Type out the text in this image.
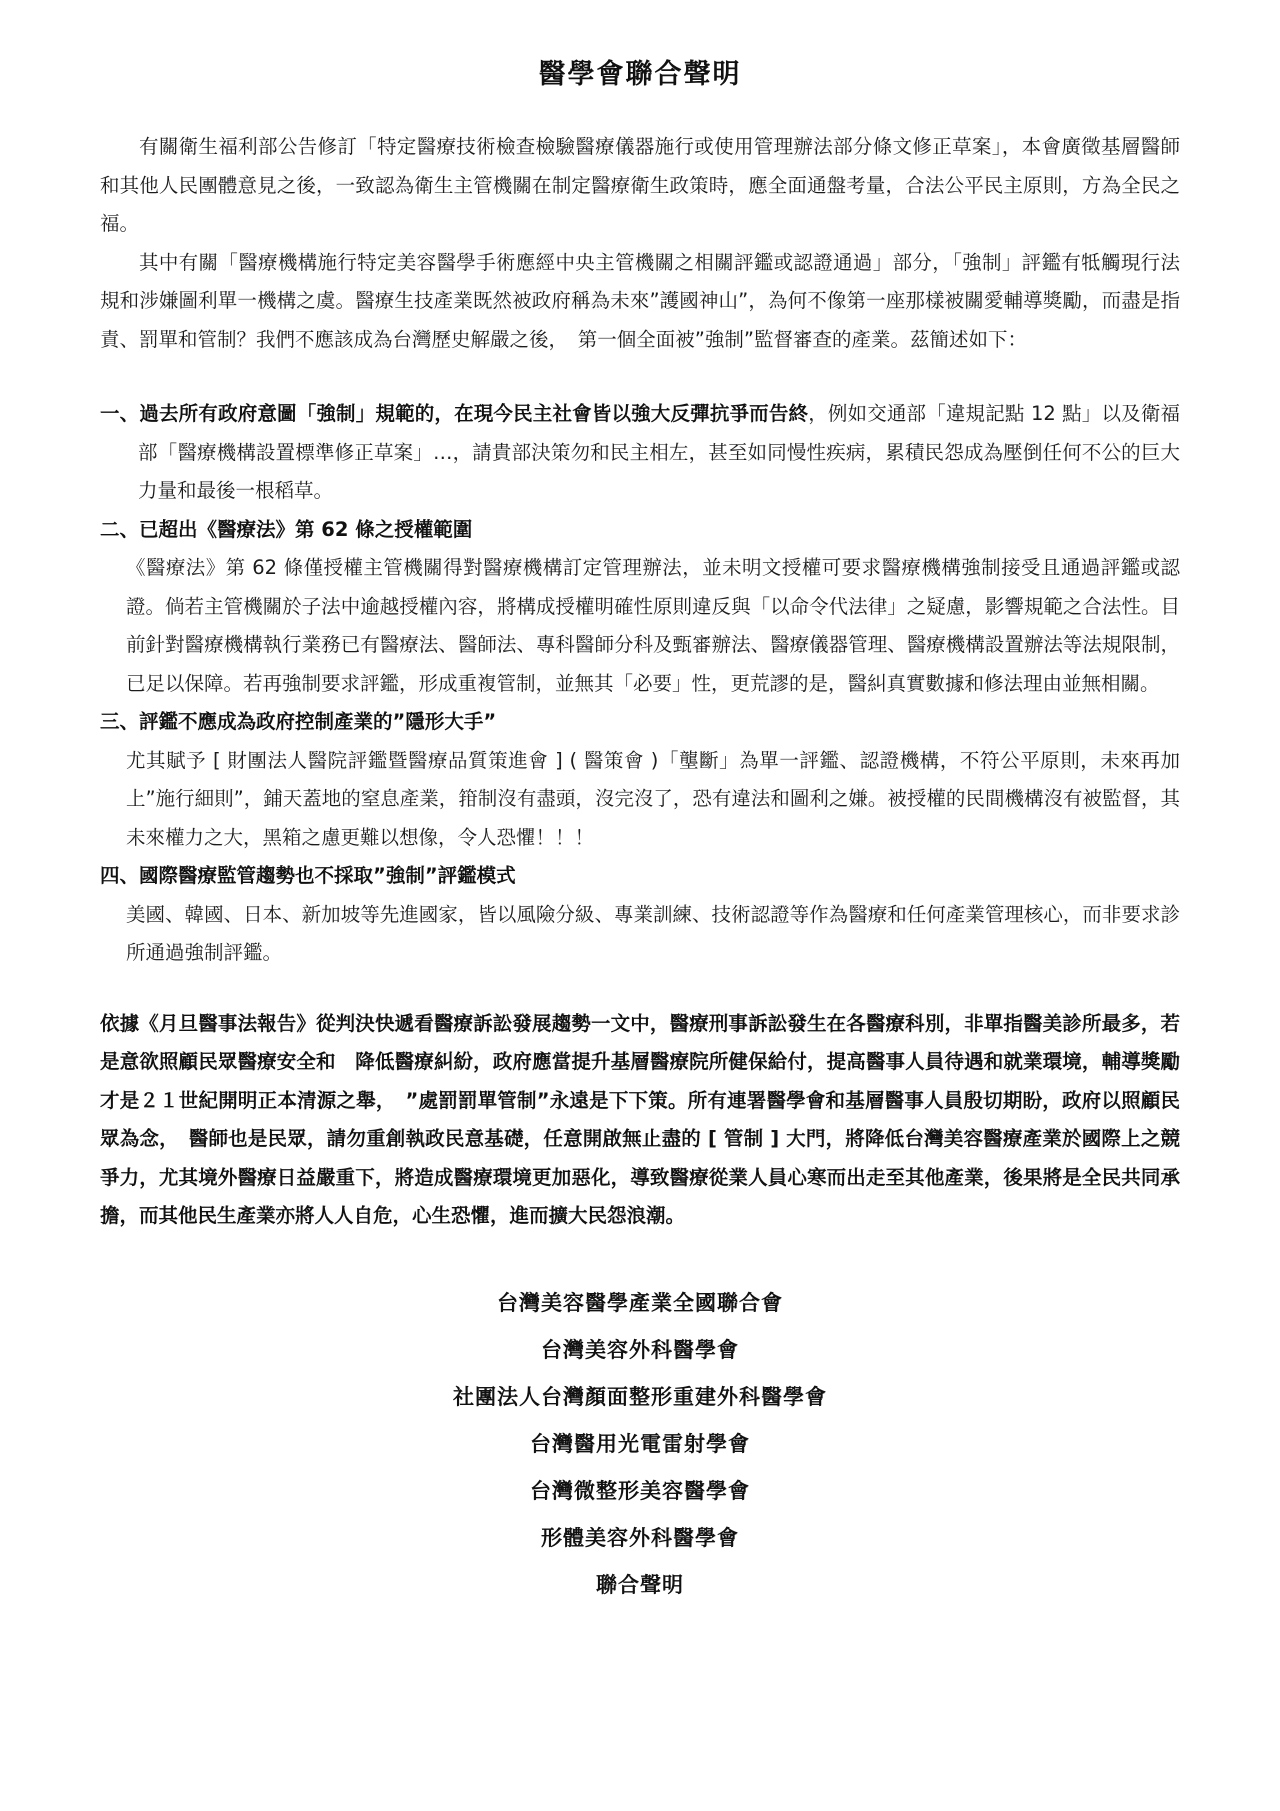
醫學會聯合聲明

有關衛生福利部公告修訂「特定醫療技術檢查檢驗醫療儀器施行或使用管理辦法部分條文修正草案」，本會廣徵基層醫師和其他人民團體意見之後，一致認為衛生主管機關在制定醫療衛生政策時，應全面通盤考量，合法公平民主原則，方為全民之福。

其中有關「醫療機構施行特定美容醫學手術應經中央主管機關之相關評鑑或認證通過」部分，「強制」評鑑有牴觸現行法規和涉嫌圖利單一機構之虞。醫療生技產業既然被政府稱為未來”護國神山”，為何不像第一座那樣被關愛輔導獎勵，而盡是指責、罰單和管制？我們不應該成為台灣歷史解嚴之後，　第一個全面被”強制”監督審查的產業。茲簡述如下：

一、過去所有政府意圖「強制」規範的，在現今民主社會皆以強大反彈抗爭而告終，例如交通部「違規記點 12 點」以及衛福部「醫療機構設置標準修正草案」…，請貴部決策勿和民主相左，甚至如同慢性疾病，累積民怨成為壓倒任何不公的巨大力量和最後一根稻草。

二、已超出《醫療法》第 62 條之授權範圍

《醫療法》第 62 條僅授權主管機關得對醫療機構訂定管理辦法，並未明文授權可要求醫療機構強制接受且通過評鑑或認證。倘若主管機關於子法中逾越授權內容，將構成授權明確性原則違反與「以命令代法律」之疑慮，影響規範之合法性。目前針對醫療機構執行業務已有醫療法、醫師法、專科醫師分科及甄審辦法、醫療儀器管理、醫療機構設置辦法等法規限制，已足以保障。若再強制要求評鑑，形成重複管制，並無其「必要」性，更荒謬的是，醫糾真實數據和修法理由並無相關。

三、評鑑不應成為政府控制產業的”隱形大手”

尤其賦予 [ 財團法人醫院評鑑暨醫療品質策進會 ] ( 醫策會 )「壟斷」為單一評鑑、認證機構，不符公平原則，未來再加上”施行細則”，鋪天蓋地的窒息產業，箝制沒有盡頭，沒完沒了，恐有違法和圖利之嫌。被授權的民間機構沒有被監督，其未來權力之大，黑箱之慮更難以想像，令人恐懼！！！

四、國際醫療監管趨勢也不採取”強制”評鑑模式

美國、韓國、日本、新加坡等先進國家，皆以風險分級、專業訓練、技術認證等作為醫療和任何產業管理核心，而非要求診所通過強制評鑑。

依據《月旦醫事法報告》從判決快遞看醫療訴訟發展趨勢一文中，醫療刑事訴訟發生在各醫療科別，非單指醫美診所最多，若是意欲照顧民眾醫療安全和　降低醫療糾紛，政府應當提升基層醫療院所健保給付，提高醫事人員待遇和就業環境，輔導獎勵才是２１世紀開明正本清源之舉，　”處罰罰單管制”永遠是下下策。所有連署醫學會和基層醫事人員殷切期盼，政府以照顧民眾為念，　醫師也是民眾，請勿重創執政民意基礎，任意開啟無止盡的 [ 管制 ] 大門，將降低台灣美容醫療產業於國際上之競爭力，尤其境外醫療日益嚴重下，將造成醫療環境更加惡化，導致醫療從業人員心寒而出走至其他產業，後果將是全民共同承擔，而其他民生產業亦將人人自危，心生恐懼，進而擴大民怨浪潮。

台灣美容醫學產業全國聯合會
台灣美容外科醫學會
社團法人台灣顏面整形重建外科醫學會
台灣醫用光電雷射學會
台灣微整形美容醫學會
形體美容外科醫學會
聯合聲明
